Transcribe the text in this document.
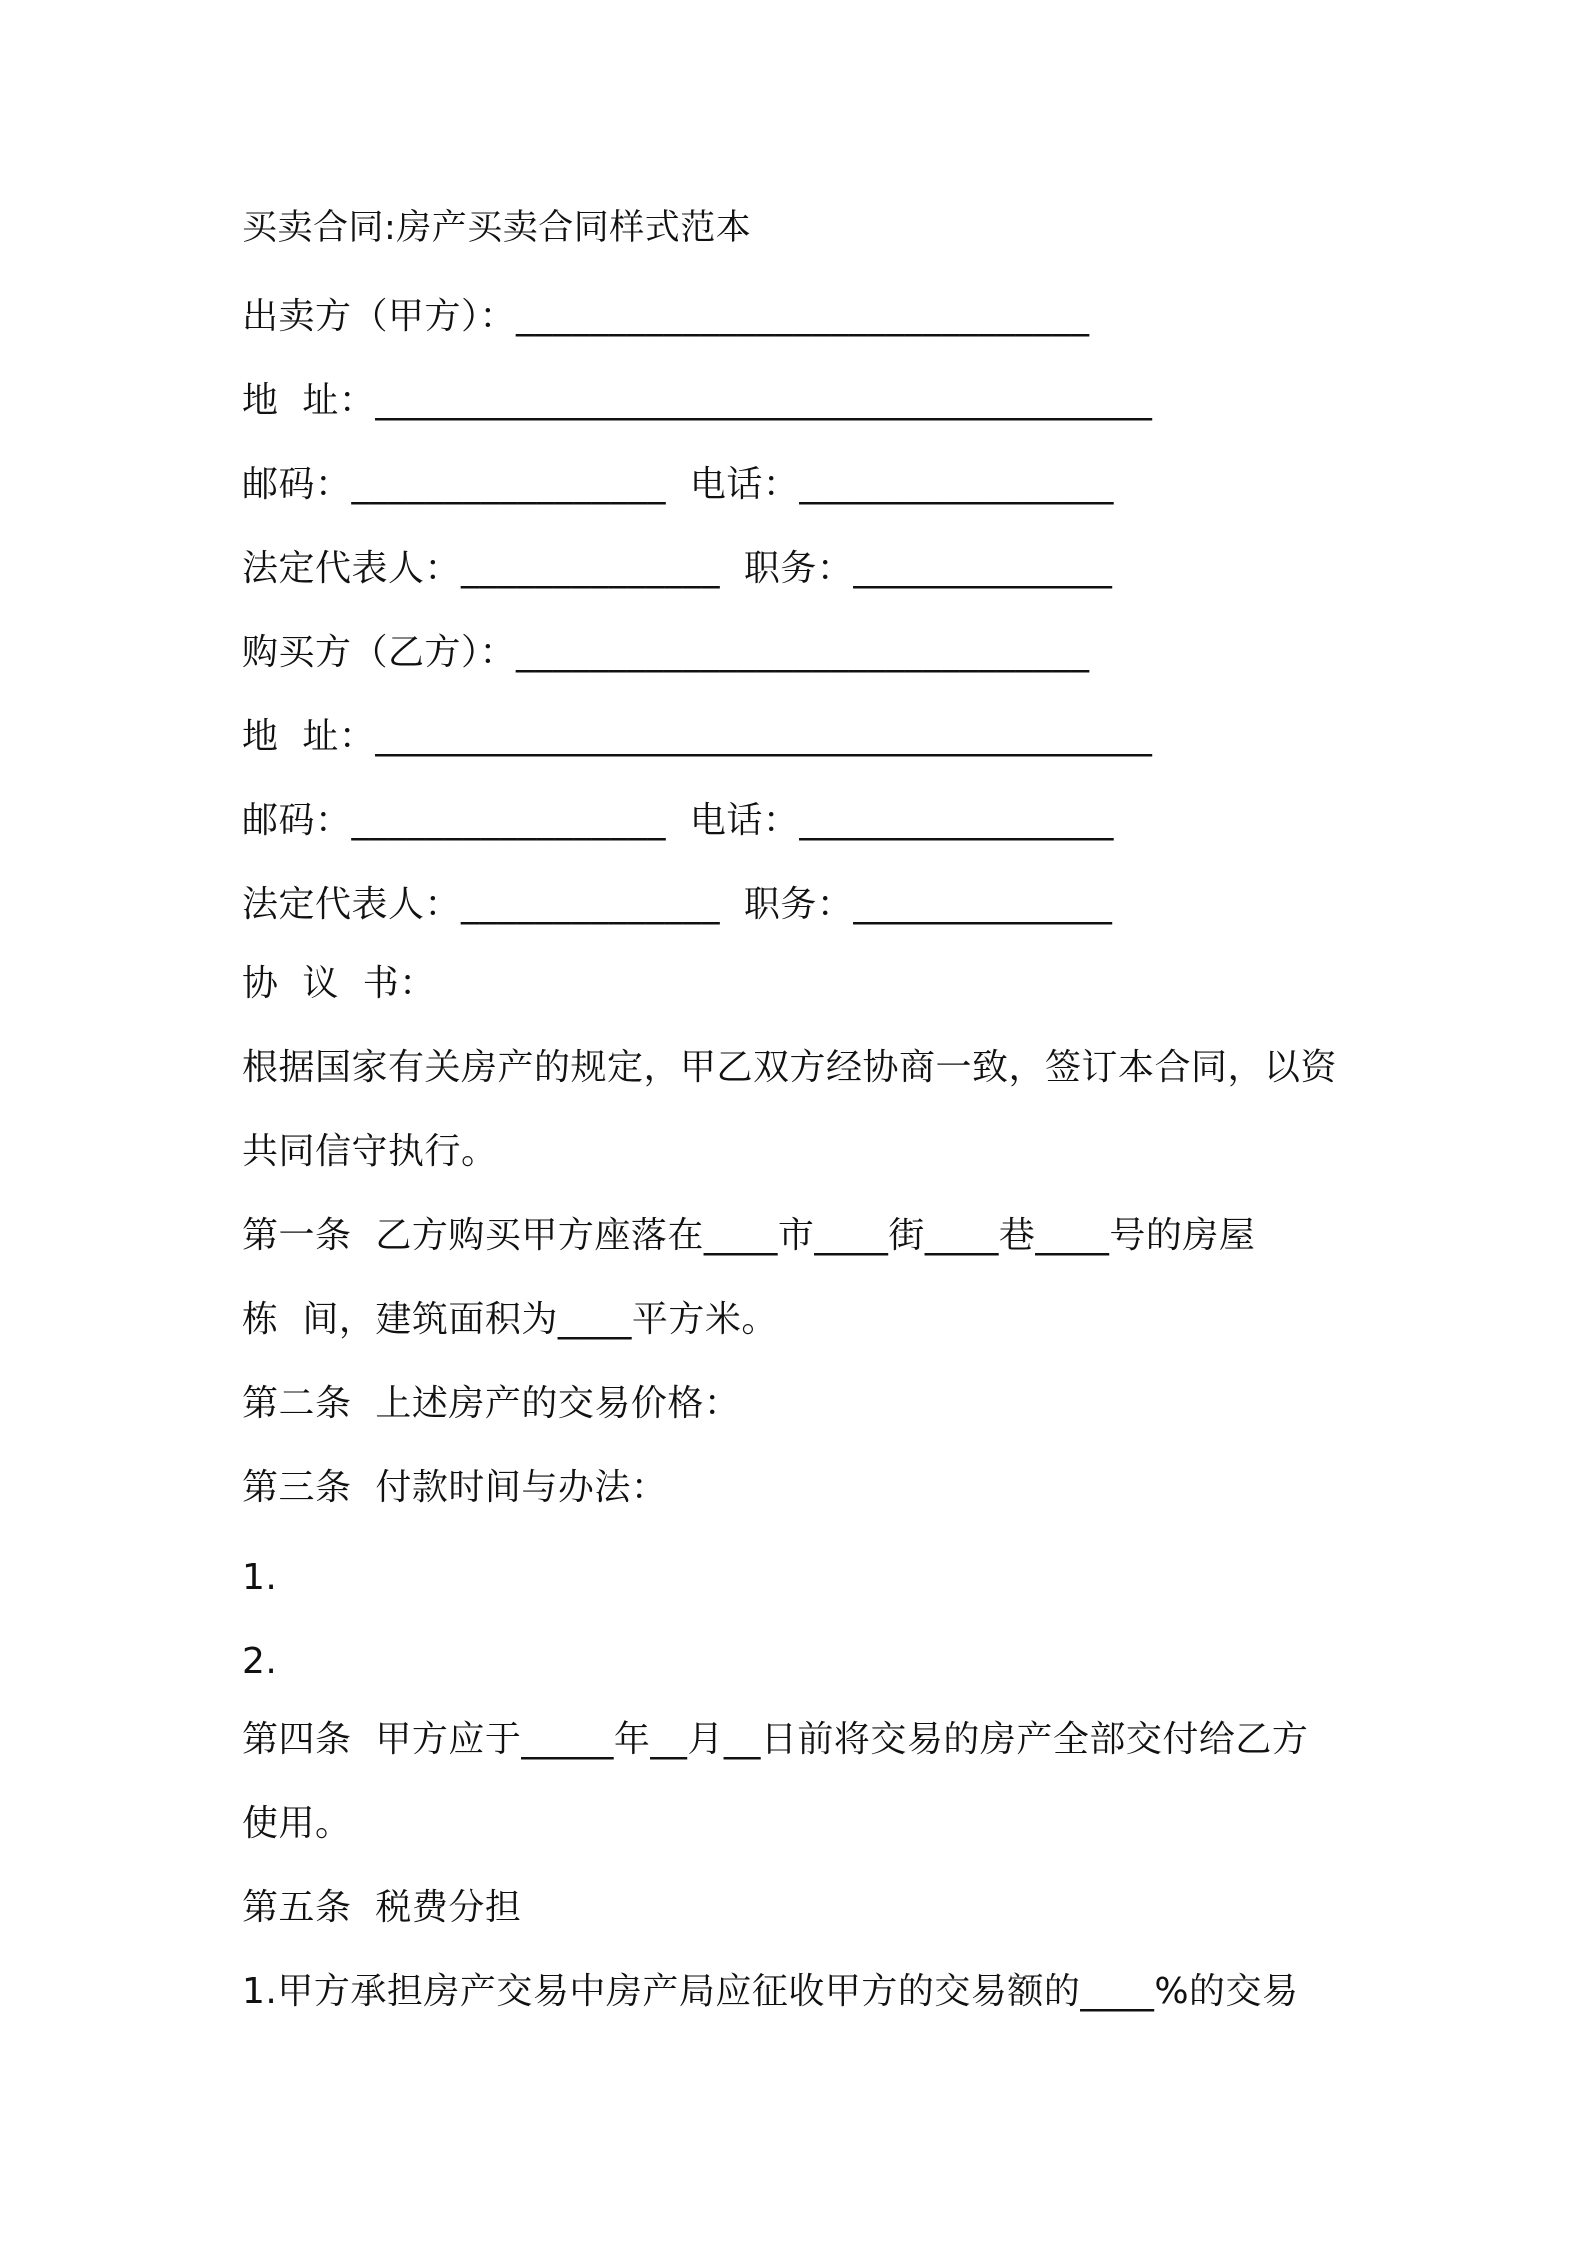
买卖合同:房产买卖合同样式范本
出卖方（甲方）：_______________________________
地  址：__________________________________________
邮码：_________________  电话：_________________
法定代表人：______________  职务：______________
购买方（乙方）：_______________________________
地  址：__________________________________________
邮码：_________________  电话：_________________
法定代表人：______________  职务：______________
协  议  书：
根据国家有关房产的规定，甲乙双方经协商一致，签订本合同，以资
共同信守执行。
第一条  乙方购买甲方座落在____市____街____巷____号的房屋
栋  间，建筑面积为____平方米。
第二条  上述房产的交易价格：
第三条  付款时间与办法：
1.
2.
第四条  甲方应于_____年__月__日前将交易的房产全部交付给乙方
使用。
第五条  税费分担
1.甲方承担房产交易中房产局应征收甲方的交易额的____%的交易
